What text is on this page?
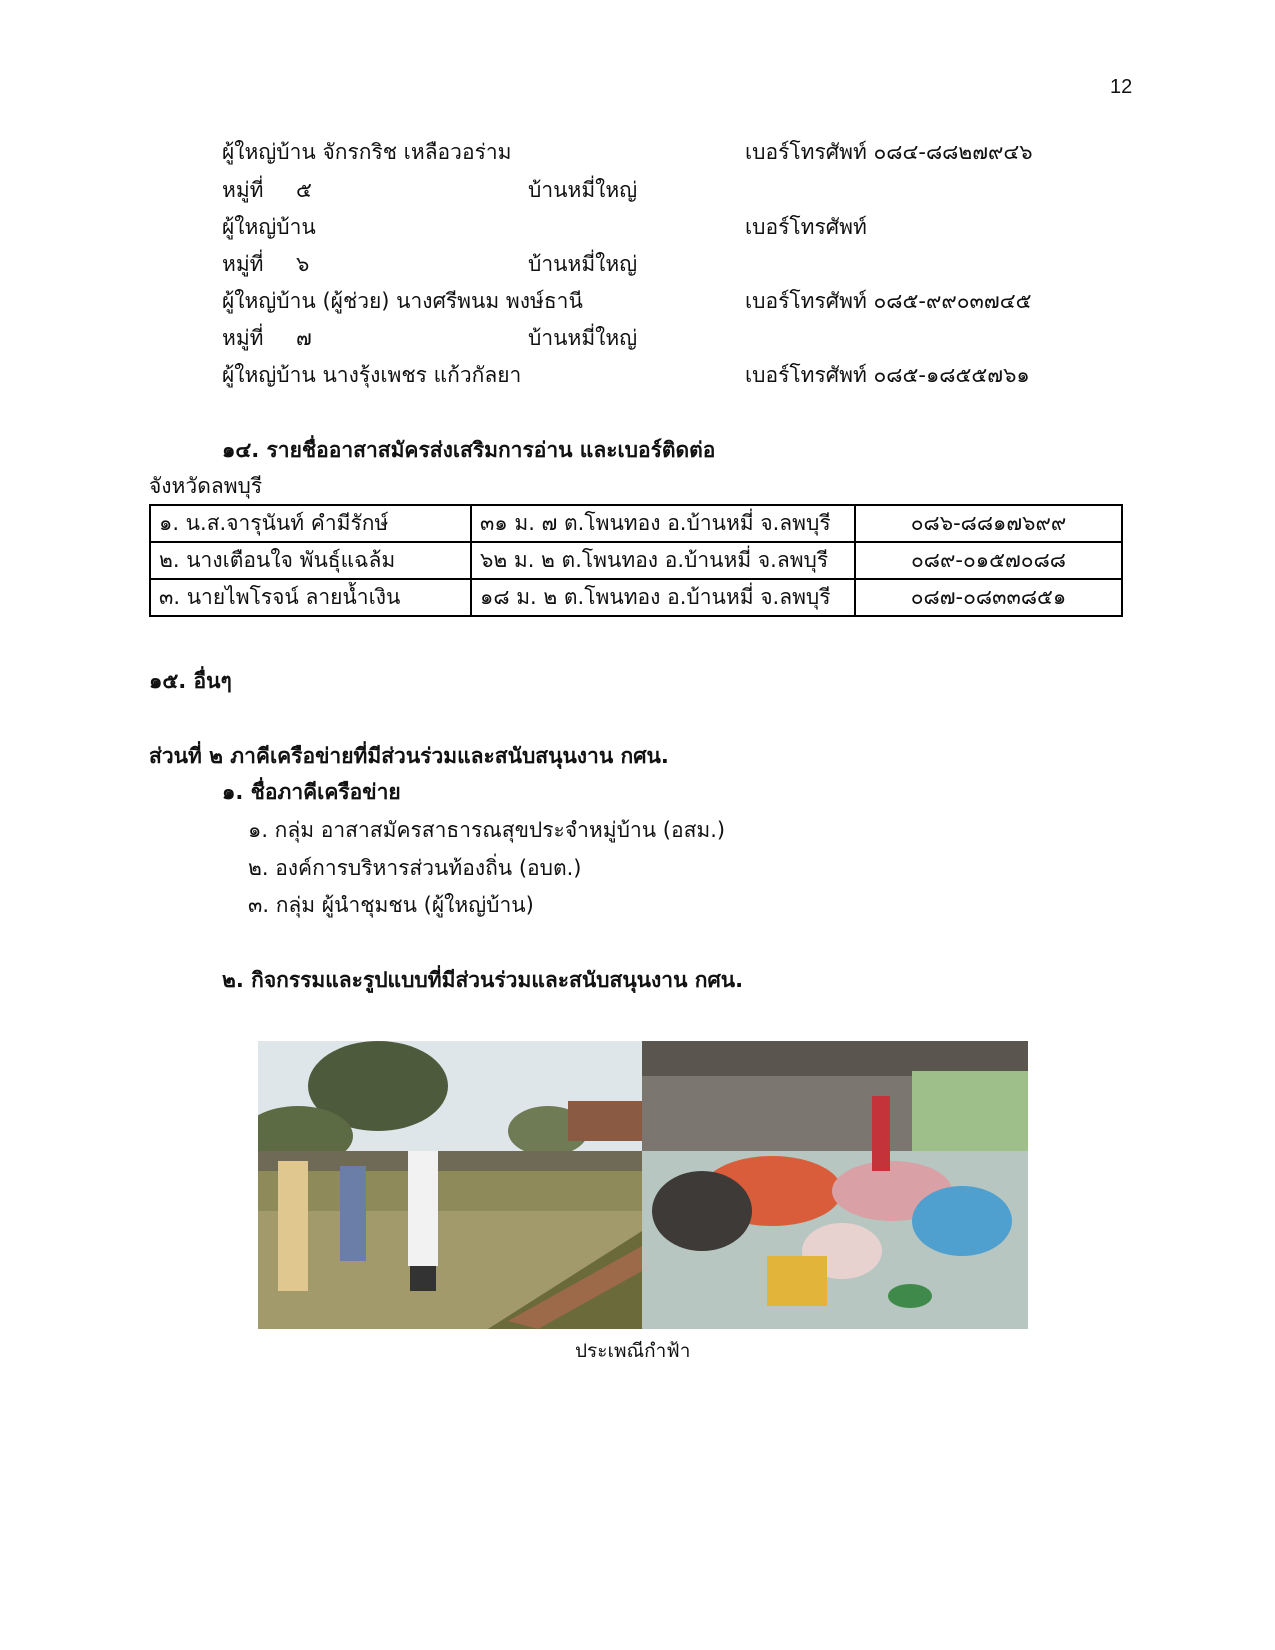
12
ผู้ใหญ่บ้าน จักรกริช เหลือวอร่าม	เบอร์โทรศัพท์ ๐๘๔-๘๘๒๗๙๔๖
หมู่ที่ ๕	บ้านหมี่ใหญ่
ผู้ใหญ่บ้าน	เบอร์โทรศัพท์
หมู่ที่ ๖	บ้านหมี่ใหญ่
ผู้ใหญ่บ้าน (ผู้ช่วย) นางศรีพนม พงษ์ธานี	เบอร์โทรศัพท์ ๐๘๕-๙๙๐๓๗๔๕
หมู่ที่ ๗	บ้านหมี่ใหญ่
ผู้ใหญ่บ้าน นางรุ้งเพชร แก้วกัลยา	เบอร์โทรศัพท์ ๐๘๕-๑๘๕๕๗๖๑
๑๔. รายชื่ออาสาสมัครส่งเสริมการอ่าน และเบอร์ติดต่อ
จังหวัดลพบุรี
๑. น.ส.จารุนันท์ คำมีรักษ์	๓๑ ม. ๗ ต.โพนทอง อ.บ้านหมี่ จ.ลพบุรี	๐๘๖-๘๘๑๗๖๙๙
๒. นางเตือนใจ พันธุ์แฉล้ม	๖๒ ม. ๒ ต.โพนทอง อ.บ้านหมี่ จ.ลพบุรี	๐๘๙-๐๑๕๗๐๘๘
๓. นายไพโรจน์ ลายน้ำเงิน	๑๘ ม. ๒ ต.โพนทอง อ.บ้านหมี่ จ.ลพบุรี	๐๘๗-๐๘๓๓๘๕๑
๑๕. อื่นๆ
ส่วนที่ ๒ ภาคีเครือข่ายที่มีส่วนร่วมและสนับสนุนงาน กศน.
๑. ชื่อภาคีเครือข่าย
๑. กลุ่ม อาสาสมัครสาธารณสุขประจำหมู่บ้าน (อสม.)
๒. องค์การบริหารส่วนท้องถิ่น (อบต.)
๓. กลุ่ม ผู้นำชุมชน (ผู้ใหญ่บ้าน)
๒. กิจกรรมและรูปแบบที่มีส่วนร่วมและสนับสนุนงาน กศน.
ประเพณีกำฟ้า
